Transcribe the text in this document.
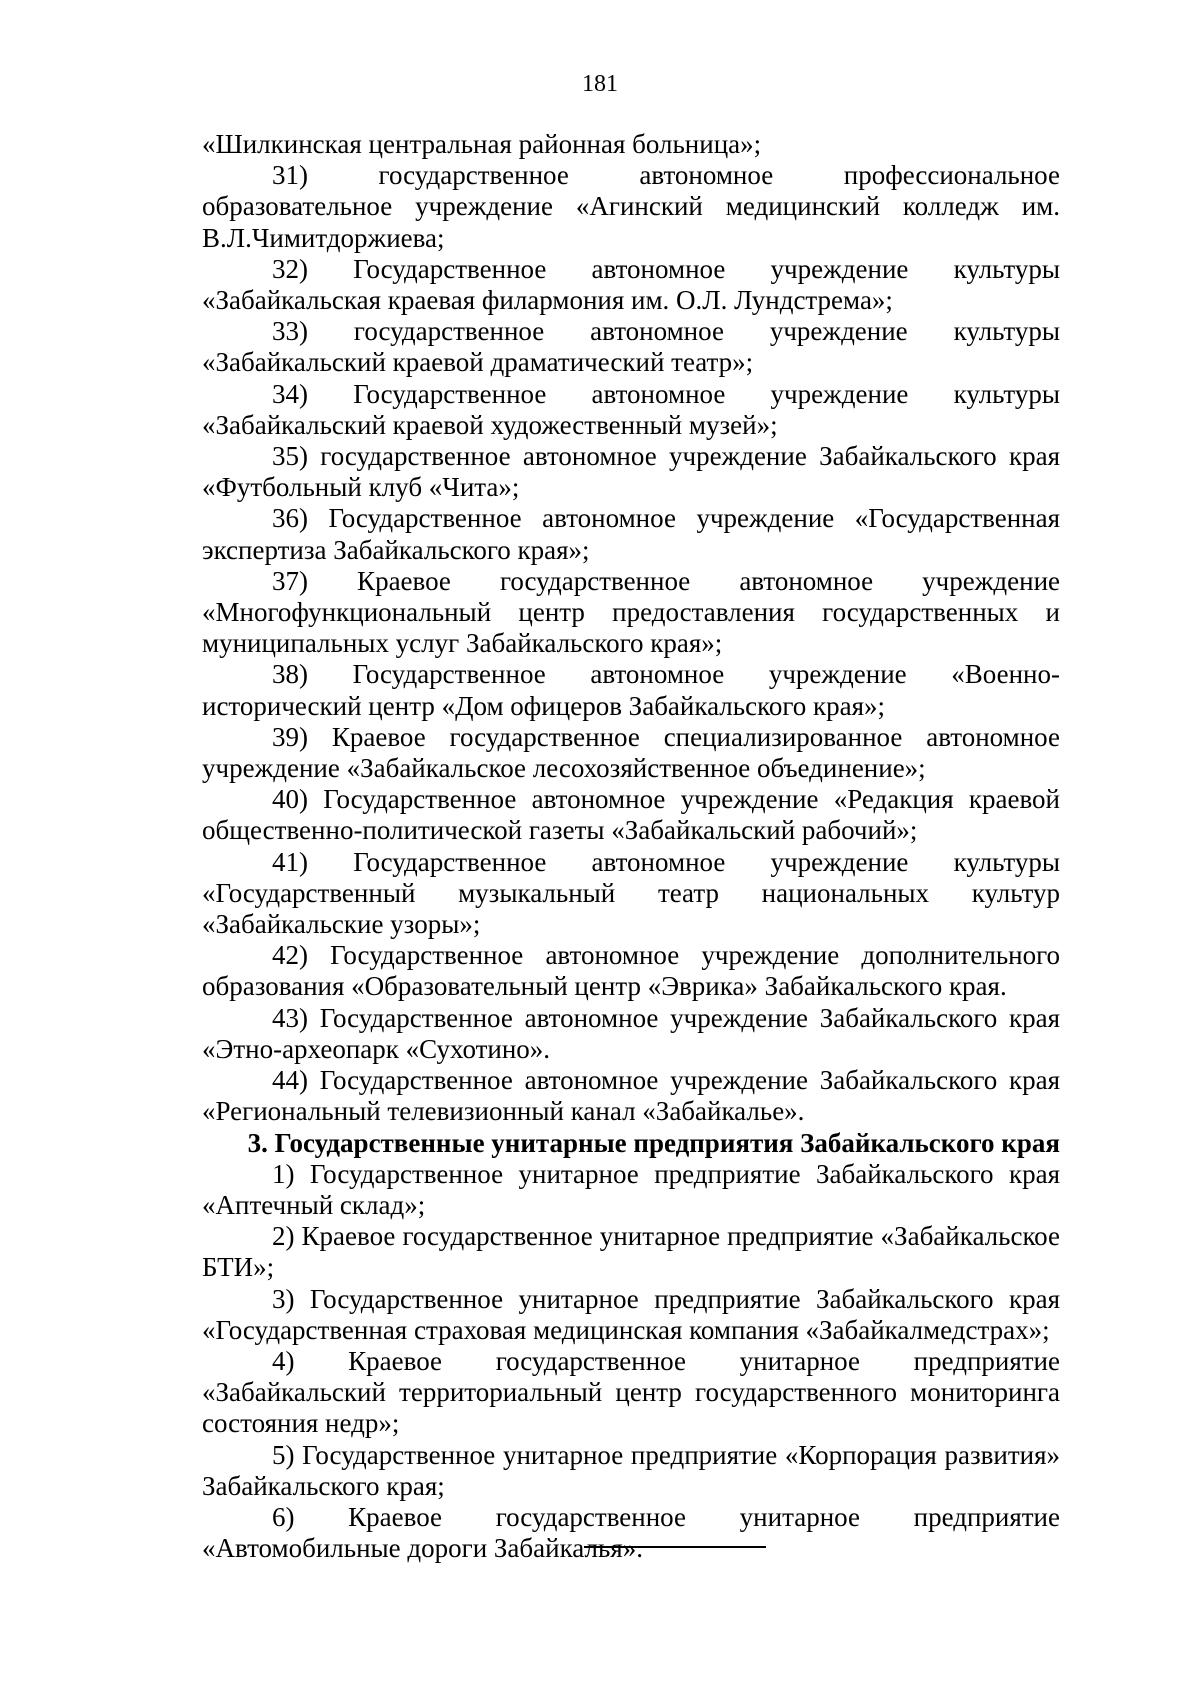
181

«Шилкинская центральная районная больница»;

31) государственное автономное профессиональное образовательное учреждение «Агинский медицинский колледж им. В.Л.Чимитдоржиева;

32) Государственное автономное учреждение культуры «Забайкальская краевая филармония им. О.Л. Лундстрема»;

33) государственное автономное учреждение культуры «Забайкальский краевой драматический театр»;

34) Государственное автономное учреждение культуры «Забайкальский краевой художественный музей»;

35) государственное автономное учреждение Забайкальского края «Футбольный клуб «Чита»;

36) Государственное автономное учреждение «Государственная экспертиза Забайкальского края»;

37) Краевое государственное автономное учреждение «Многофункциональный центр предоставления государственных и муниципальных услуг Забайкальского края»;

38) Государственное автономное учреждение «Военно-исторический центр «Дом офицеров Забайкальского края»;

39) Краевое государственное специализированное автономное учреждение «Забайкальское лесохозяйственное объединение»;

40) Государственное автономное учреждение «Редакция краевой общественно-политической газеты «Забайкальский рабочий»;

41) Государственное автономное учреждение культуры «Государственный музыкальный театр национальных культур «Забайкальские узоры»;

42) Государственное автономное учреждение дополнительного образования «Образовательный центр «Эврика» Забайкальского края.

43) Государственное автономное учреждение Забайкальского края «Этно-археопарк «Сухотино».

44) Государственное автономное учреждение Забайкальского края «Региональный телевизионный канал «Забайкалье».

3. Государственные унитарные предприятия Забайкальского края

1) Государственное унитарное предприятие Забайкальского края «Аптечный склад»;

2) Краевое государственное унитарное предприятие «Забайкальское БТИ»;

3) Государственное унитарное предприятие Забайкальского края «Государственная страховая медицинская компания «Забайкалмедстрах»;

4) Краевое государственное унитарное предприятие «Забайкальский территориальный центр государственного мониторинга состояния недр»;

5) Государственное унитарное предприятие «Корпорация развития» Забайкальского края;

6) Краевое государственное унитарное предприятие «Автомобильные дороги Забайкалья».
